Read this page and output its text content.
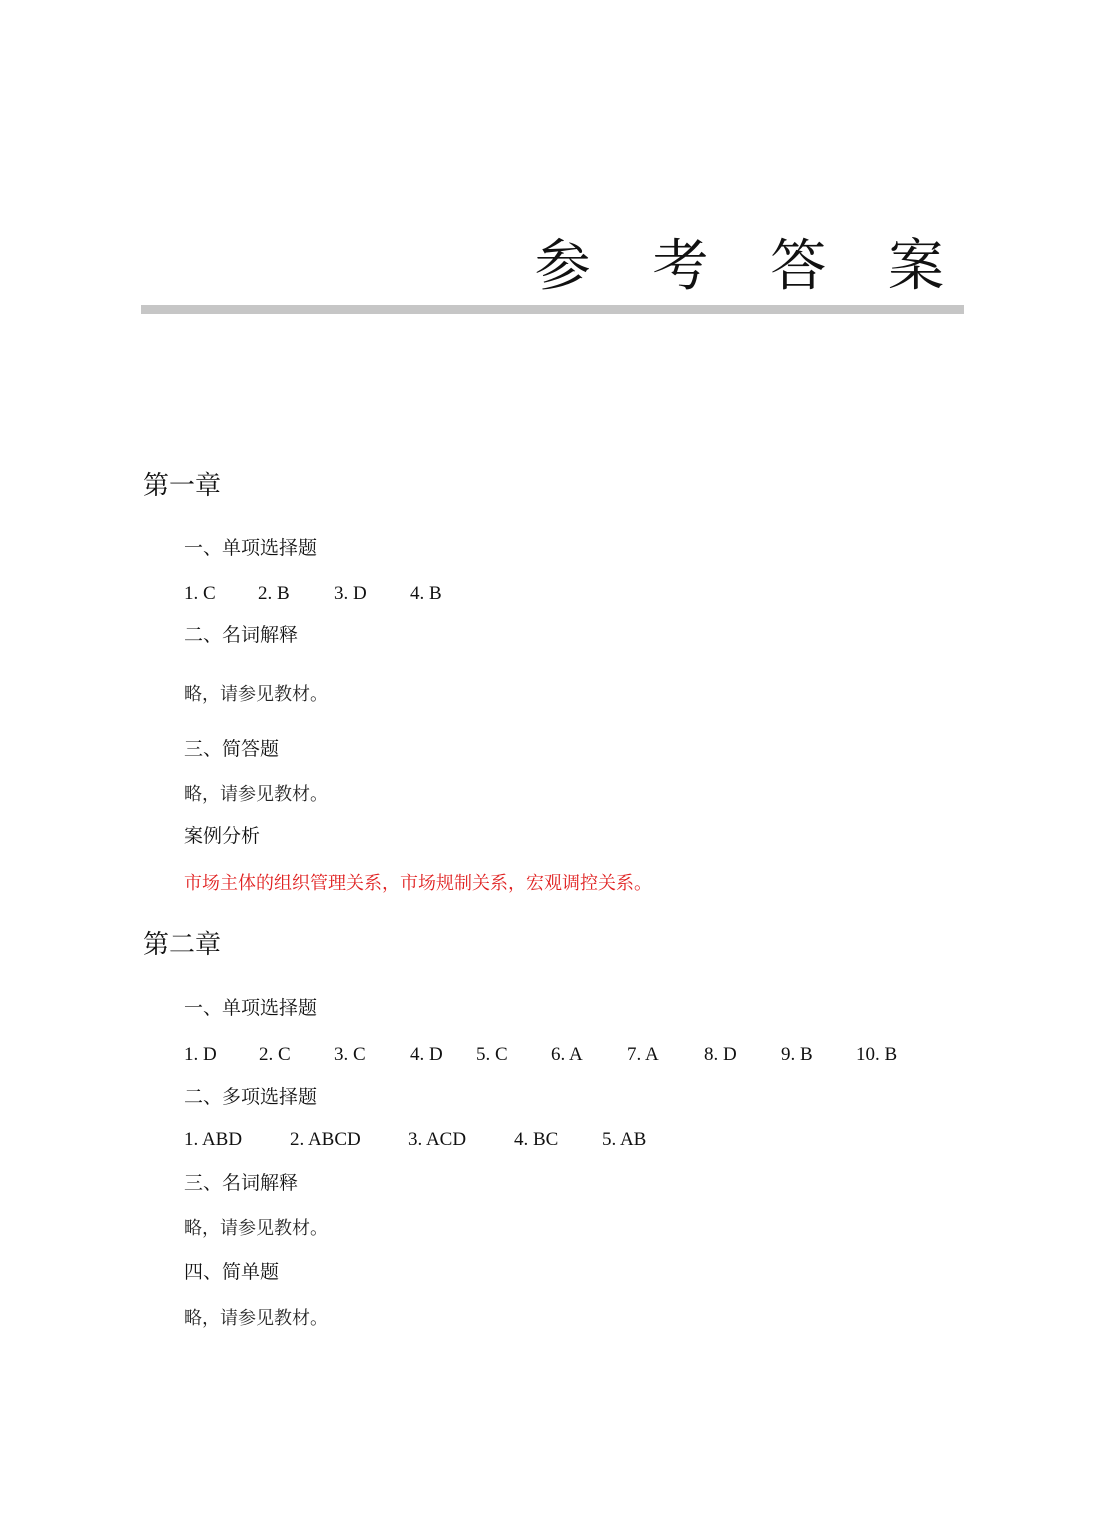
参 考 答 案
第一章
一、单项选择题
1. C 2. B 3. D 4. B
二、名词解释

略，请参见教材。

三、简答题

略，请参见教材。

案例分析

市场主体的组织管理关系，市场规制关系，宏观调控关系。

第二章
一、单项选择题
1. D 2. C 3. C 4. D 5. C 6. A 7. A 8. D 9. B 10. B
二、多项选择题
1. ABD	2. ABCD 3. ACD	4. BC 5. AB
三、名词解释

略，请参见教材。

四、简单题

略，请参见教材。
